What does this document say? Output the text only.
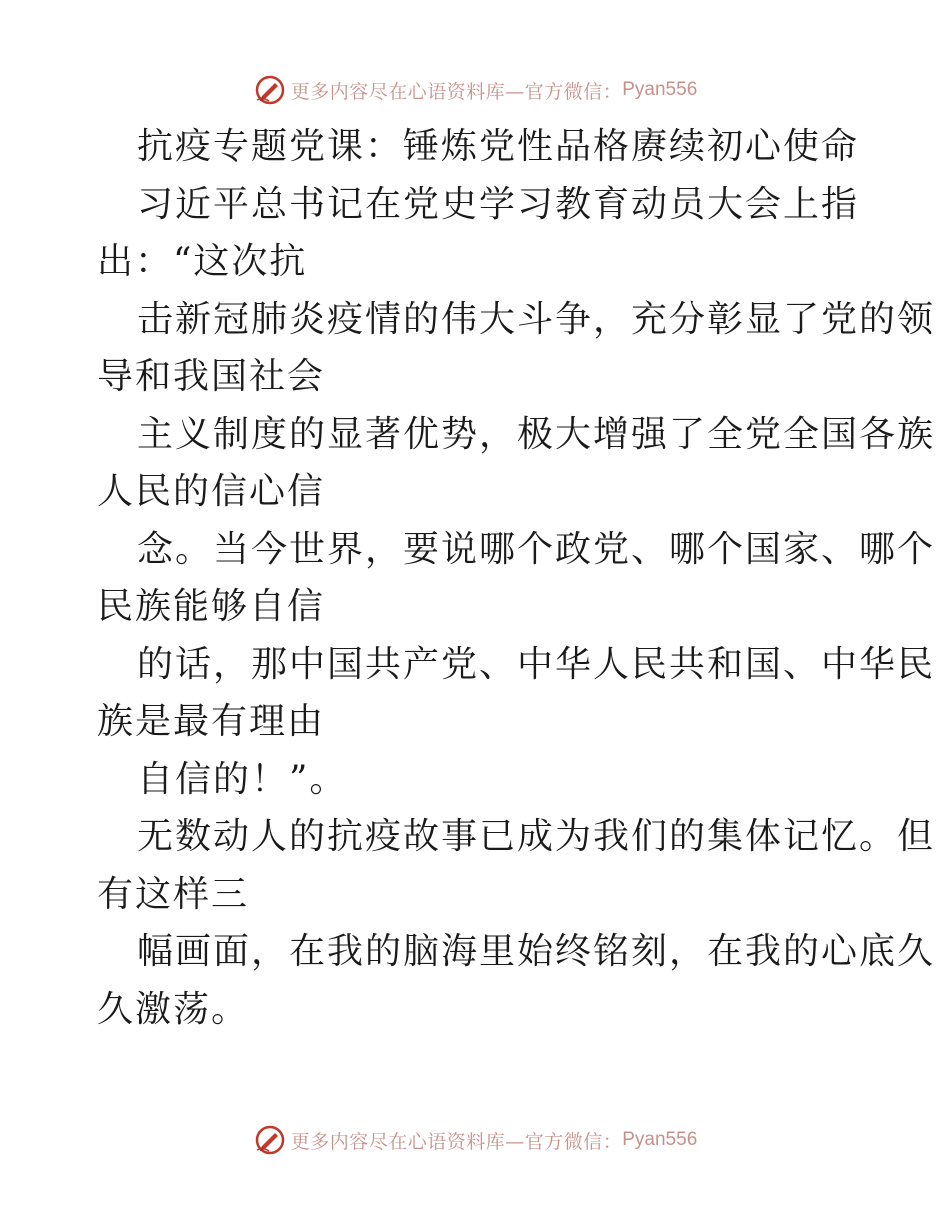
更多内容尽在心语资料库—官方微信： Pyan556
抗疫专题党课：锤炼党性品格赓续初心使命
习近平总书记在党史学习教育动员大会上指
出：“这次抗
击新冠肺炎疫情的伟大斗争，充分彰显了党的领
导和我国社会
主义制度的显著优势，极大增强了全党全国各族
人民的信心信
念。当今世界，要说哪个政党、哪个国家、哪个
民族能够自信
的话，那中国共产党、中华人民共和国、中华民
族是最有理由
自信的！”。
无数动人的抗疫故事已成为我们的集体记忆。但
有这样三
幅画面，在我的脑海里始终铭刻，在我的心底久
久激荡。
更多内容尽在心语资料库—官方微信： Pyan556
